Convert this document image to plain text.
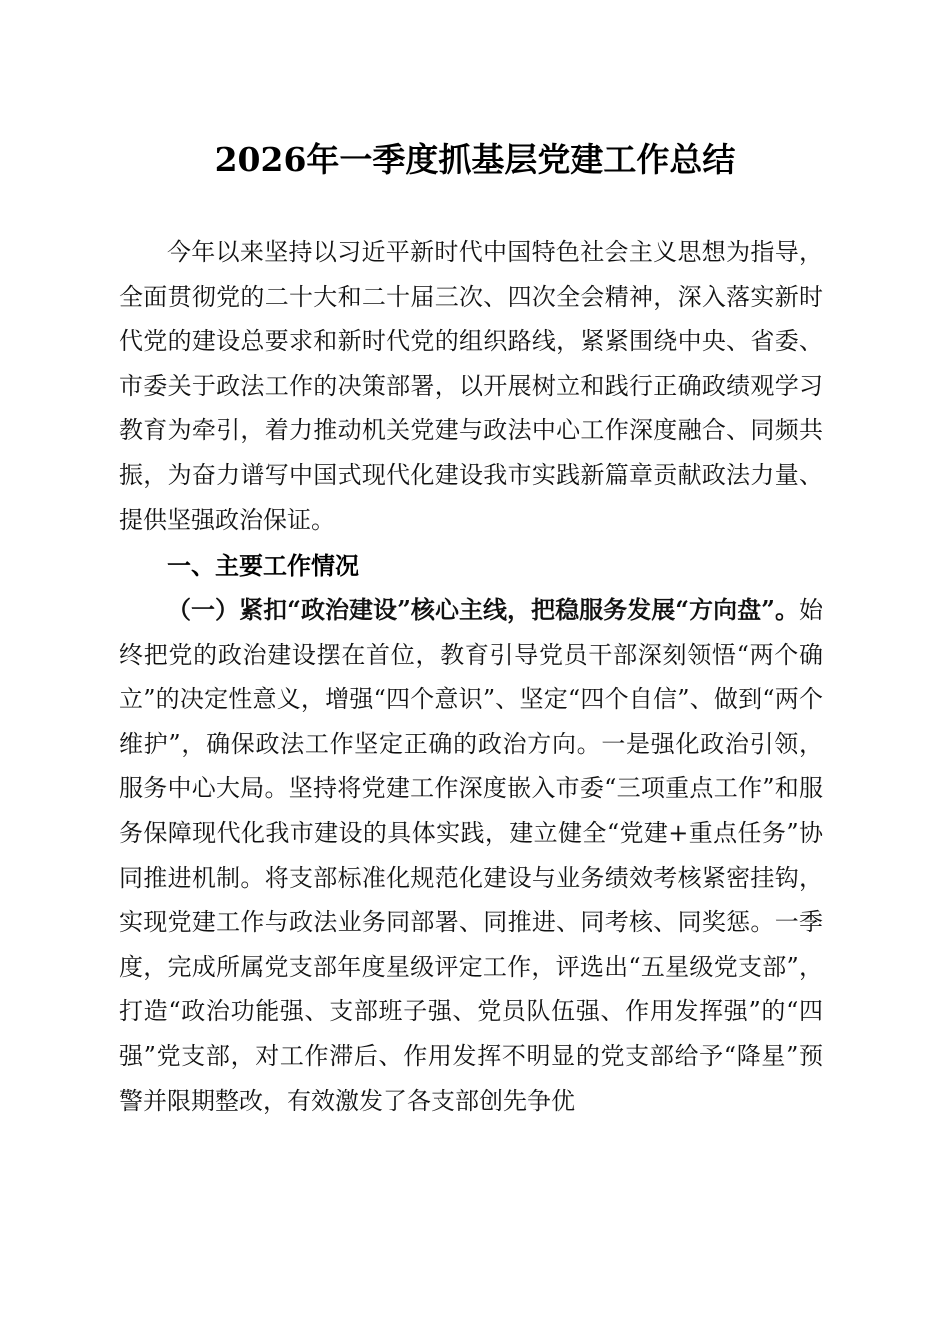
2026年一季度抓基层党建工作总结
今年以来坚持以习近平新时代中国特色社会主义思想为指导，全面贯彻党的二十大和二十届三次、四次全会精神，深入落实新时代党的建设总要求和新时代党的组织路线，紧紧围绕中央、省委、市委关于政法工作的决策部署，以开展树立和践行正确政绩观学习教育为牵引，着力推动机关党建与政法中心工作深度融合、同频共振，为奋力谱写中国式现代化建设我市实践新篇章贡献政法力量、提供坚强政治保证。
一、主要工作情况
（一）紧扣“政治建设”核心主线，把稳服务发展“方向盘”。始终把党的政治建设摆在首位，教育引导党员干部深刻领悟“两个确立”的决定性意义，增强“四个意识”、坚定“四个自信”、做到“两个维护”，确保政法工作坚定正确的政治方向。一是强化政治引领，服务中心大局。坚持将党建工作深度嵌入市委“三项重点工作”和服务保障现代化我市建设的具体实践，建立健全“党建+重点任务”协同推进机制。将支部标准化规范化建设与业务绩效考核紧密挂钩，实现党建工作与政法业务同部署、同推进、同考核、同奖惩。一季度，完成所属党支部年度星级评定工作，评选出“五星级党支部”，打造“政治功能强、支部班子强、党员队伍强、作用发挥强”的“四强”党支部，对工作滞后、作用发挥不明显的党支部给予“降星”预警并限期整改，有效激发了各支部创先争优
